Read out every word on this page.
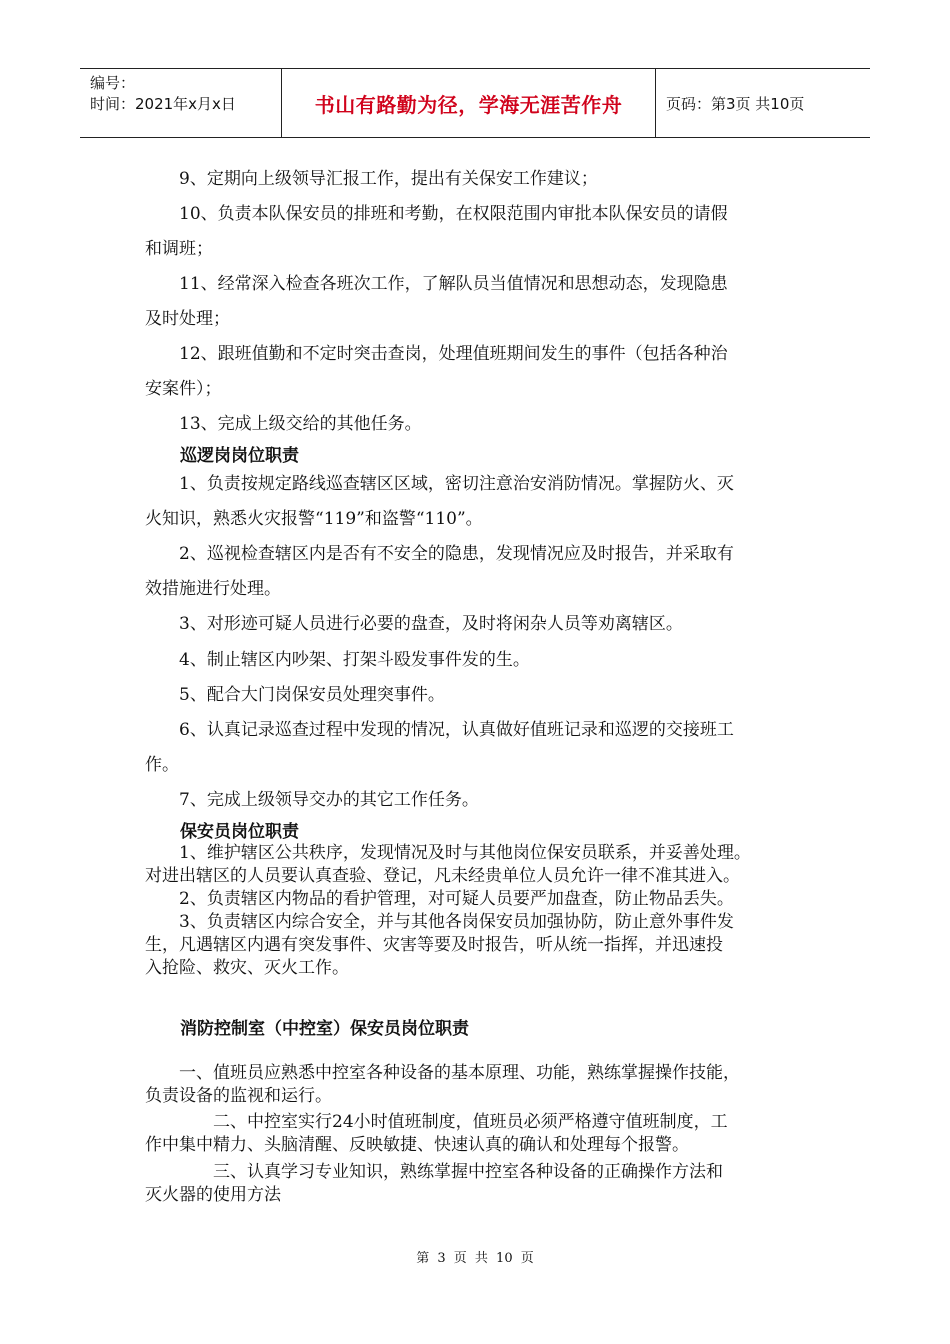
编号：
时间：2021年x月x日	书山有路勤为径，学海无涯苦作舟	页码：第3页 共10页
　　9、定期向上级领导汇报工作，提出有关保安工作建议；
　　10、负责本队保安员的排班和考勤，在权限范围内审批本队保安员的请假
和调班；
　　11、经常深入检查各班次工作，了解队员当值情况和思想动态，发现隐患
及时处理；
　　12、跟班值勤和不定时突击查岗，处理值班期间发生的事件（包括各种治
安案件）；
　　13、完成上级交给的其他任务。
巡逻岗岗位职责
　　1、负责按规定路线巡查辖区区域，密切注意治安消防情况。掌握防火、灭
火知识，熟悉火灾报警“119”和盗警“110”。
　　2、巡视检查辖区内是否有不安全的隐患，发现情况应及时报告，并采取有
效措施进行处理。
　　3、对形迹可疑人员进行必要的盘查，及时将闲杂人员等劝离辖区。
　　4、制止辖区内吵架、打架斗殴发事件发的生。
　　5、配合大门岗保安员处理突事件。
　　6、认真记录巡查过程中发现的情况，认真做好值班记录和巡逻的交接班工
作。
　　7、完成上级领导交办的其它工作任务。
保安员岗位职责
　　1、维护辖区公共秩序，发现情况及时与其他岗位保安员联系，并妥善处理。
对进出辖区的人员要认真查验、登记，凡未经贵单位人员允许一律不准其进入。
　　2、负责辖区内物品的看护管理，对可疑人员要严加盘查，防止物品丢失。
　　3、负责辖区内综合安全，并与其他各岗保安员加强协防，防止意外事件发
生，凡遇辖区内遇有突发事件、灾害等要及时报告，听从统一指挥，并迅速投
入抢险、救灾、灭火工作。
消防控制室（中控室）保安员岗位职责
　　一、值班员应熟悉中控室各种设备的基本原理、功能，熟练掌握操作技能，
负责设备的监视和运行。
　　　　二、中控室实行24小时值班制度，值班员必须严格遵守值班制度，工
作中集中精力、头脑清醒、反映敏捷、快速认真的确认和处理每个报警。
　　　　三、认真学习专业知识，熟练掌握中控室各种设备的正确操作方法和
灭火器的使用方法
第 3 页 共 10 页
